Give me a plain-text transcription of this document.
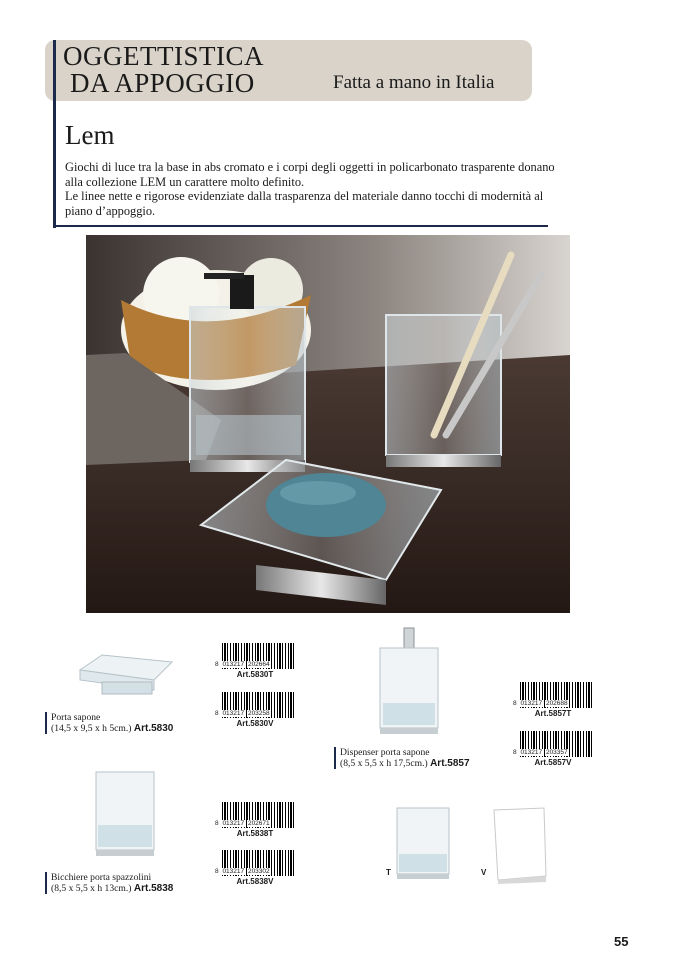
OGGETTISTICA
DA APPOGGIO	Fatta a mano in Italia
Lem

Giochi di luce tra la base in abs cromato e i corpi degli oggetti in policarbonato trasparente donano alla collezione LEM un carattere molto definito.

Le linee nette e rigorose evidenziate dalla trasparenza del materiale danno tocchi di modernità al piano d’appoggio.

8 013217 202664
Art.5830T
8 013217 203258
Art.5830V
Porta sapone
(14,5 x 9,5 x h 5cm.) Art.5830
8 013217 202688
Art.5857T
8 013217 203357
Art.5857V
Dispenser porta sapone
(8,5 x 5,5 x h 17,5cm.) Art.5857
8 013217 202671
Art.5838T
8 013217 203302
Art.5838V
Bicchiere porta spazzolini
(8,5 x 5,5 x h 13cm.) Art.5838
T	V
55
